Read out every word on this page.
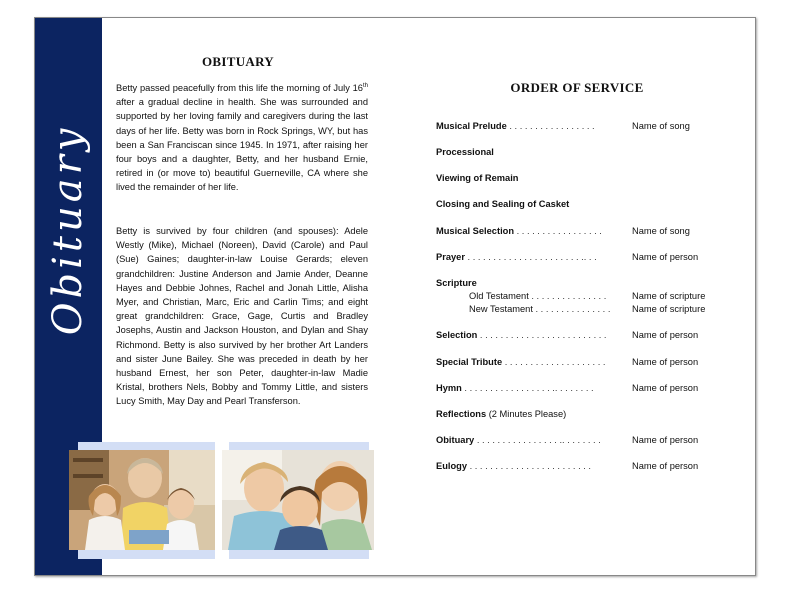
Obituary
OBITUARY
Betty passed peacefully from this life the morning of July 16th after a gradual decline in health. She was surrounded and supported by her loving family and caregivers during the last days of her life. Betty was born in Rock Springs, WY, but has been a San Franciscan since 1945. In 1971, after raising her four boys and a daughter, Betty, and her husband Ernie, retired in (or move to) beautiful Guerneville, CA where she lived the remainder of her life.
Betty is survived by four children (and spouses): Adele Westly (Mike), Michael (Noreen), David (Carole) and Paul (Sue) Gaines; daughter-in-law Louise Gerards; eleven grandchildren: Justine Anderson and Jamie Ander, Deanne Hayes and Debbie Johnes, Rachel and Jonah Little, Alisha Myer, and Christian, Marc, Eric and Carlin Tims; and eight great grandchildren: Grace, Gage, Curtis and Bradley Josephs, Austin and Jackson Houston, and Dylan and Shay Richmond. Betty is also survived by her brother Art Landers and sister June Bailey. She was preceded in death by her husband Ernest, her son Peter, daughter-in-law Madie Kristal, brothers Nels, Bobby and Tommy Little, and sisters Lucy Smith, May Day and Pearl Transferson.
ORDER OF SERVICE
Musical Prelude . . . . . . . . . . . . . . . . .	Name of song
Processional
Viewing of Remain
Closing and Sealing of Casket
Musical Selection . . . . . . . . . . . . . . . . .	Name of song
Prayer . . . . . . . . . . . . . . . . . . . . . . .. . .	Name of person
Scripture
Old Testament . . . . . . . . . . . . . . .	Name of scripture
New Testament . . . . . . . . . . . . . . . Name of scripture
Selection . . . . . . . . . . . . . . . . . . . . . . . . .	Name of person
Special Tribute . . . . . . . . . . . . . . . . . . . .	Name of person
Hymn . . . . . . . . . . . . . . . . . .. . . . . . . .	Name of person
Reflections (2 Minutes Please)
Obituary . . . . . . . . . . . . . . . . .. . . . . . . .	Name of person
Eulogy . . . . . . . . . . . . . . . . . . . . . . . .	Name of person
